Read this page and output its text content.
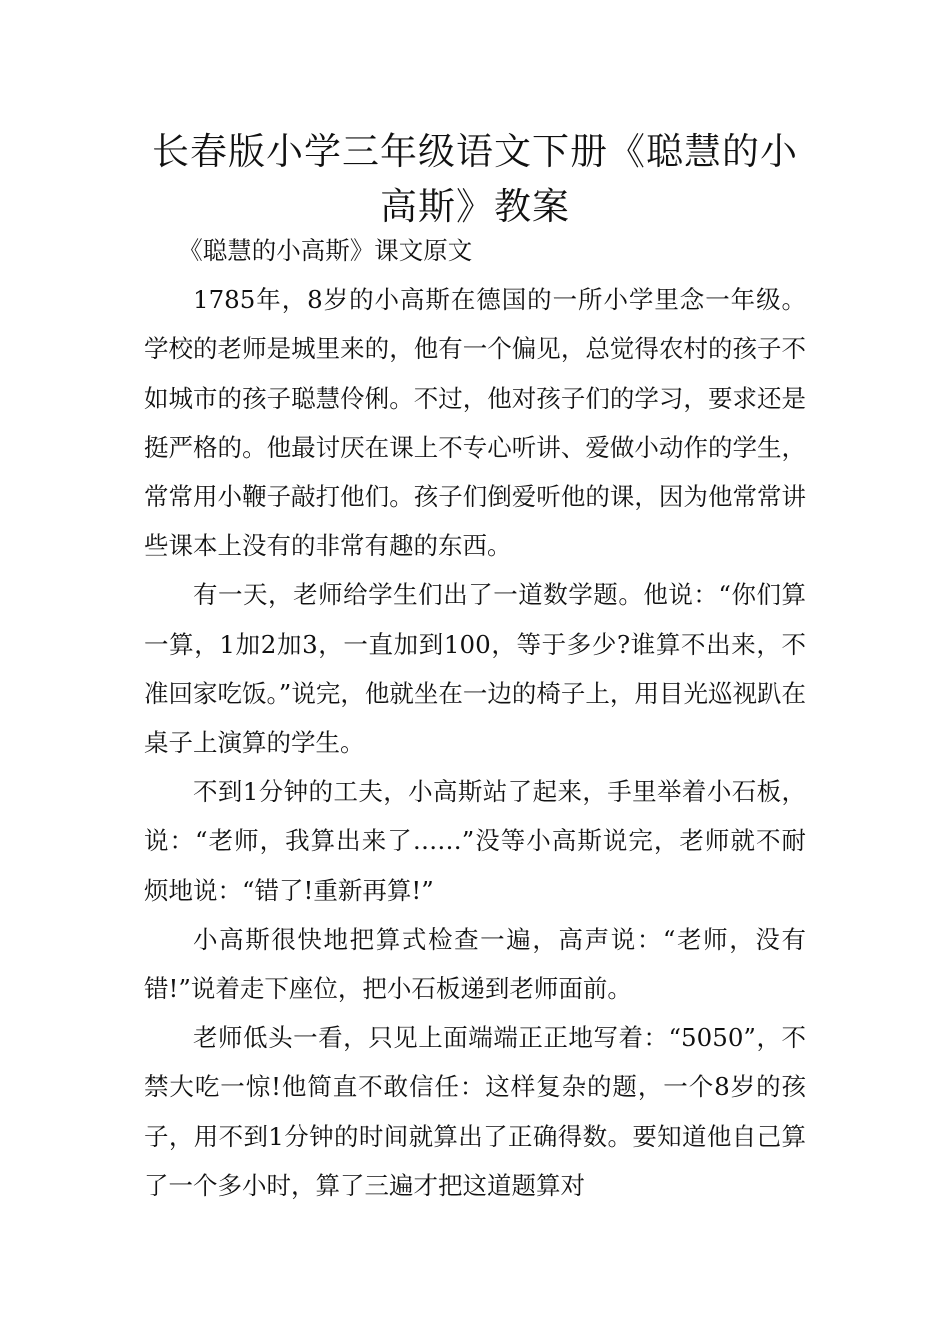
长春版小学三年级语文下册《聪慧的小高斯》教案

《聪慧的小高斯》课文原文

1785年，8岁的小高斯在德国的一所小学里念一年级。学校的老师是城里来的，他有一个偏见，总觉得农村的孩子不如城市的孩子聪慧伶俐。不过，他对孩子们的学习，要求还是挺严格的。他最讨厌在课上不专心听讲、爱做小动作的学生，常常用小鞭子敲打他们。孩子们倒爱听他的课，因为他常常讲些课本上没有的非常有趣的东西。

有一天，老师给学生们出了一道数学题。他说：“你们算一算，1加2加3，一直加到100，等于多少?谁算不出来，不准回家吃饭。”说完，他就坐在一边的椅子上，用目光巡视趴在桌子上演算的学生。

不到1分钟的工夫，小高斯站了起来，手里举着小石板，说：“老师，我算出来了……”没等小高斯说完，老师就不耐烦地说：“错了!重新再算!”

小高斯很快地把算式检查一遍，高声说：“老师，没有错!”说着走下座位，把小石板递到老师面前。

老师低头一看，只见上面端端正正地写着：“5050”，不禁大吃一惊!他简直不敢信任：这样复杂的题，一个8岁的孩子，用不到1分钟的时间就算出了正确得数。要知道他自己算了一个多小时，算了三遍才把这道题算对
